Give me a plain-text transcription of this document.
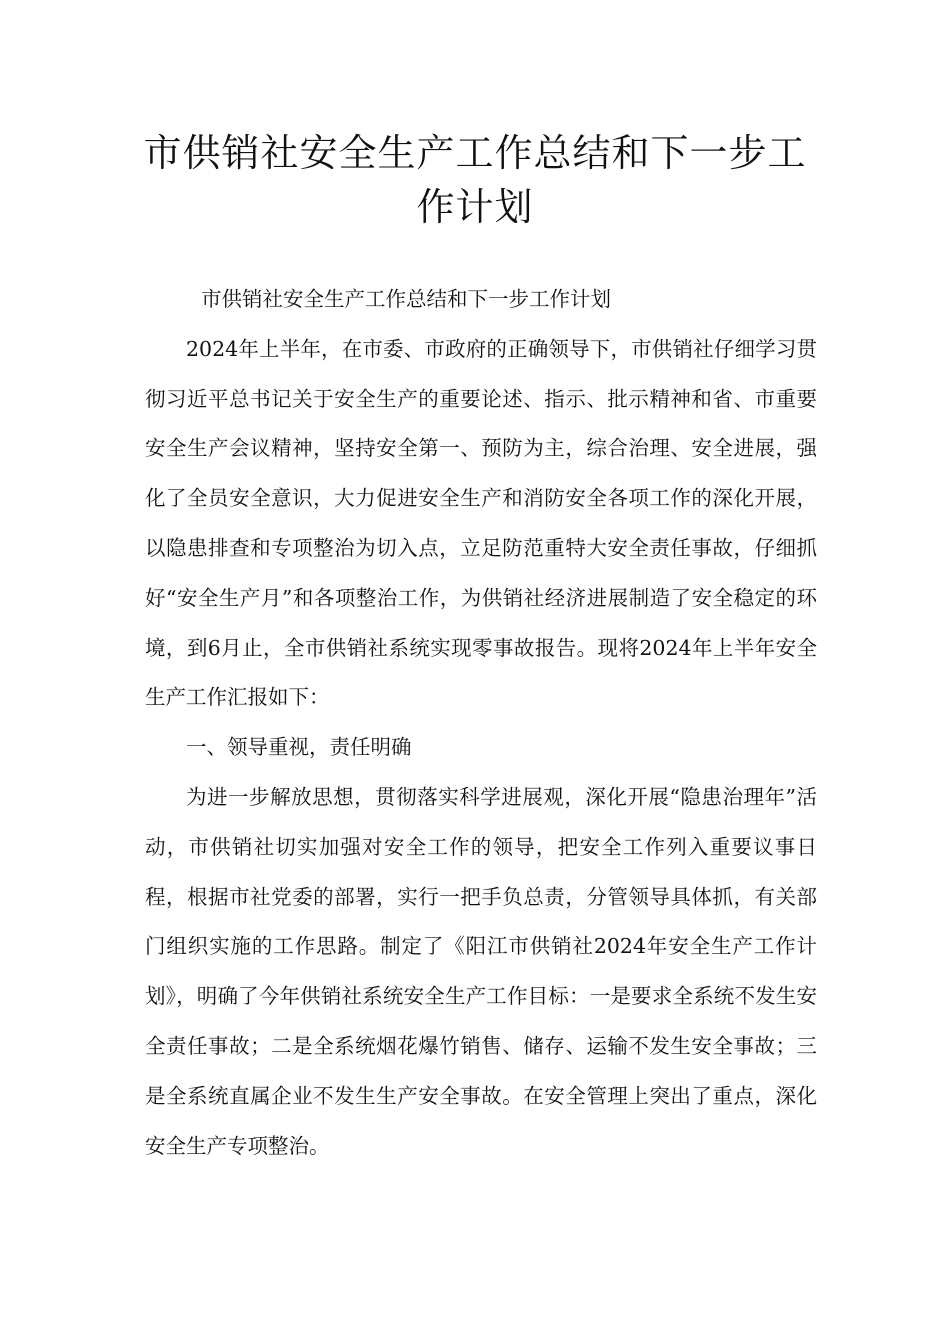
市供销社安全生产工作总结和下一步工作计划

市供销社安全生产工作总结和下一步工作计划

2024年上半年，在市委、市政府的正确领导下，市供销社仔细学习贯彻习近平总书记关于安全生产的重要论述、指示、批示精神和省、市重要安全生产会议精神，坚持安全第一、预防为主，综合治理、安全进展，强化了全员安全意识，大力促进安全生产和消防安全各项工作的深化开展，以隐患排查和专项整治为切入点，立足防范重特大安全责任事故，仔细抓好“安全生产月”和各项整治工作，为供销社经济进展制造了安全稳定的环境，到6月止，全市供销社系统实现零事故报告。现将2024年上半年安全生产工作汇报如下：

一、领导重视，责任明确

为进一步解放思想，贯彻落实科学进展观，深化开展“隐患治理年”活动，市供销社切实加强对安全工作的领导，把安全工作列入重要议事日程，根据市社党委的部署，实行一把手负总责，分管领导具体抓，有关部门组织实施的工作思路。制定了《阳江市供销社2024年安全生产工作计划》，明确了今年供销社系统安全生产工作目标：一是要求全系统不发生安全责任事故；二是全系统烟花爆竹销售、储存、运输不发生安全事故；三是全系统直属企业不发生生产安全事故。在安全管理上突出了重点，深化安全生产专项整治。
